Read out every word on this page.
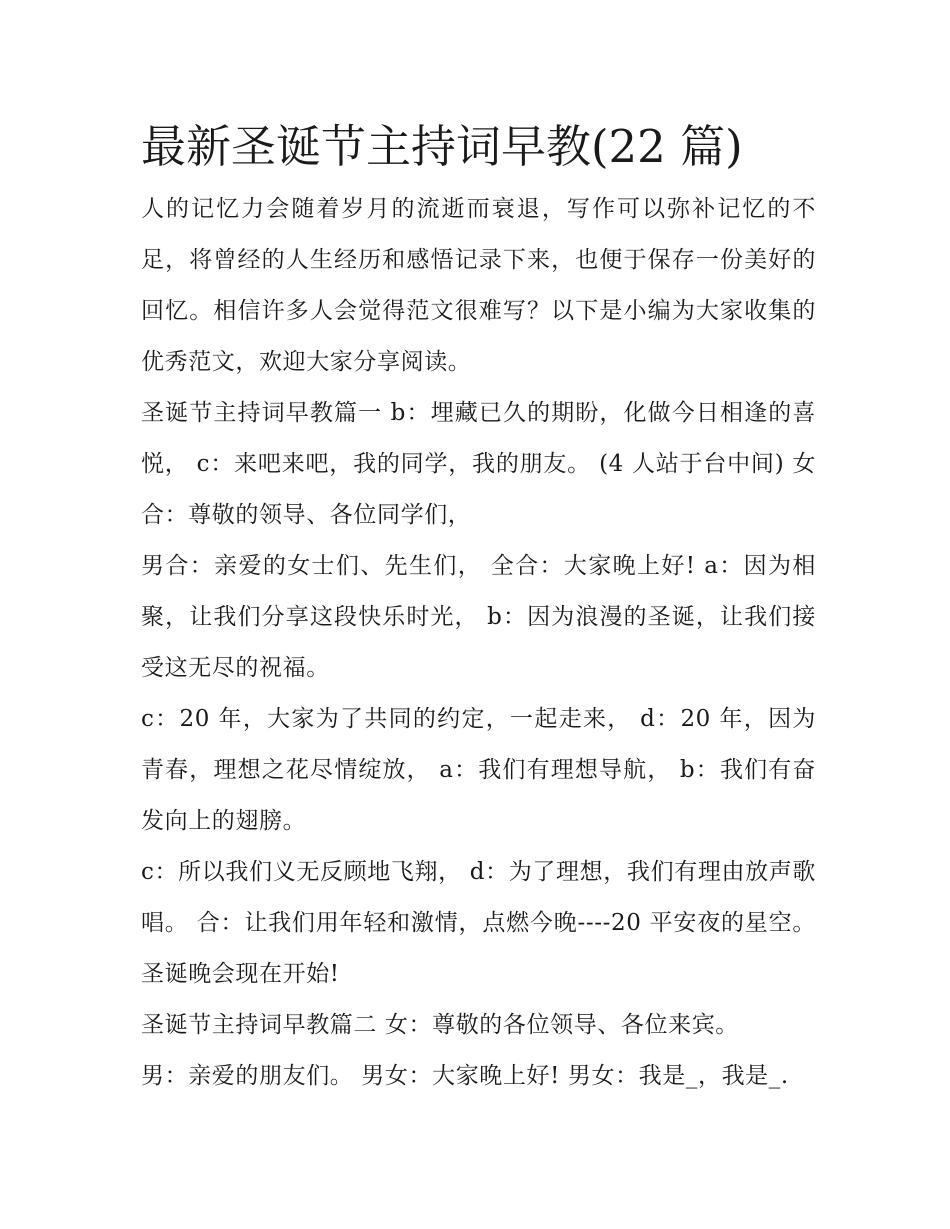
最新圣诞节主持词早教(22 篇)

人的记忆力会随着岁月的流逝而衰退，写作可以弥补记忆的不足，将曾经的人生经历和感悟记录下来，也便于保存一份美好的回忆。相信许多人会觉得范文很难写？以下是小编为大家收集的优秀范文，欢迎大家分享阅读。

圣诞节主持词早教篇一 b：埋藏已久的期盼，化做今日相逢的喜悦， c：来吧来吧，我的同学，我的朋友。 (4 人站于台中间) 女合：尊敬的领导、各位同学们，

男合：亲爱的女士们、先生们， 全合：大家晚上好! a：因为相聚，让我们分享这段快乐时光， b：因为浪漫的圣诞，让我们接受这无尽的祝福。

c：20 年，大家为了共同的约定，一起走来， d：20 年，因为青春，理想之花尽情绽放， a：我们有理想导航， b：我们有奋发向上的翅膀。

c：所以我们义无反顾地飞翔， d：为了理想，我们有理由放声歌唱。 合：让我们用年轻和激情，点燃今晚----20 平安夜的星空。圣诞晚会现在开始!

圣诞节主持词早教篇二 女：尊敬的各位领导、各位来宾。

男：亲爱的朋友们。 男女：大家晚上好! 男女：我是_，我是_.
